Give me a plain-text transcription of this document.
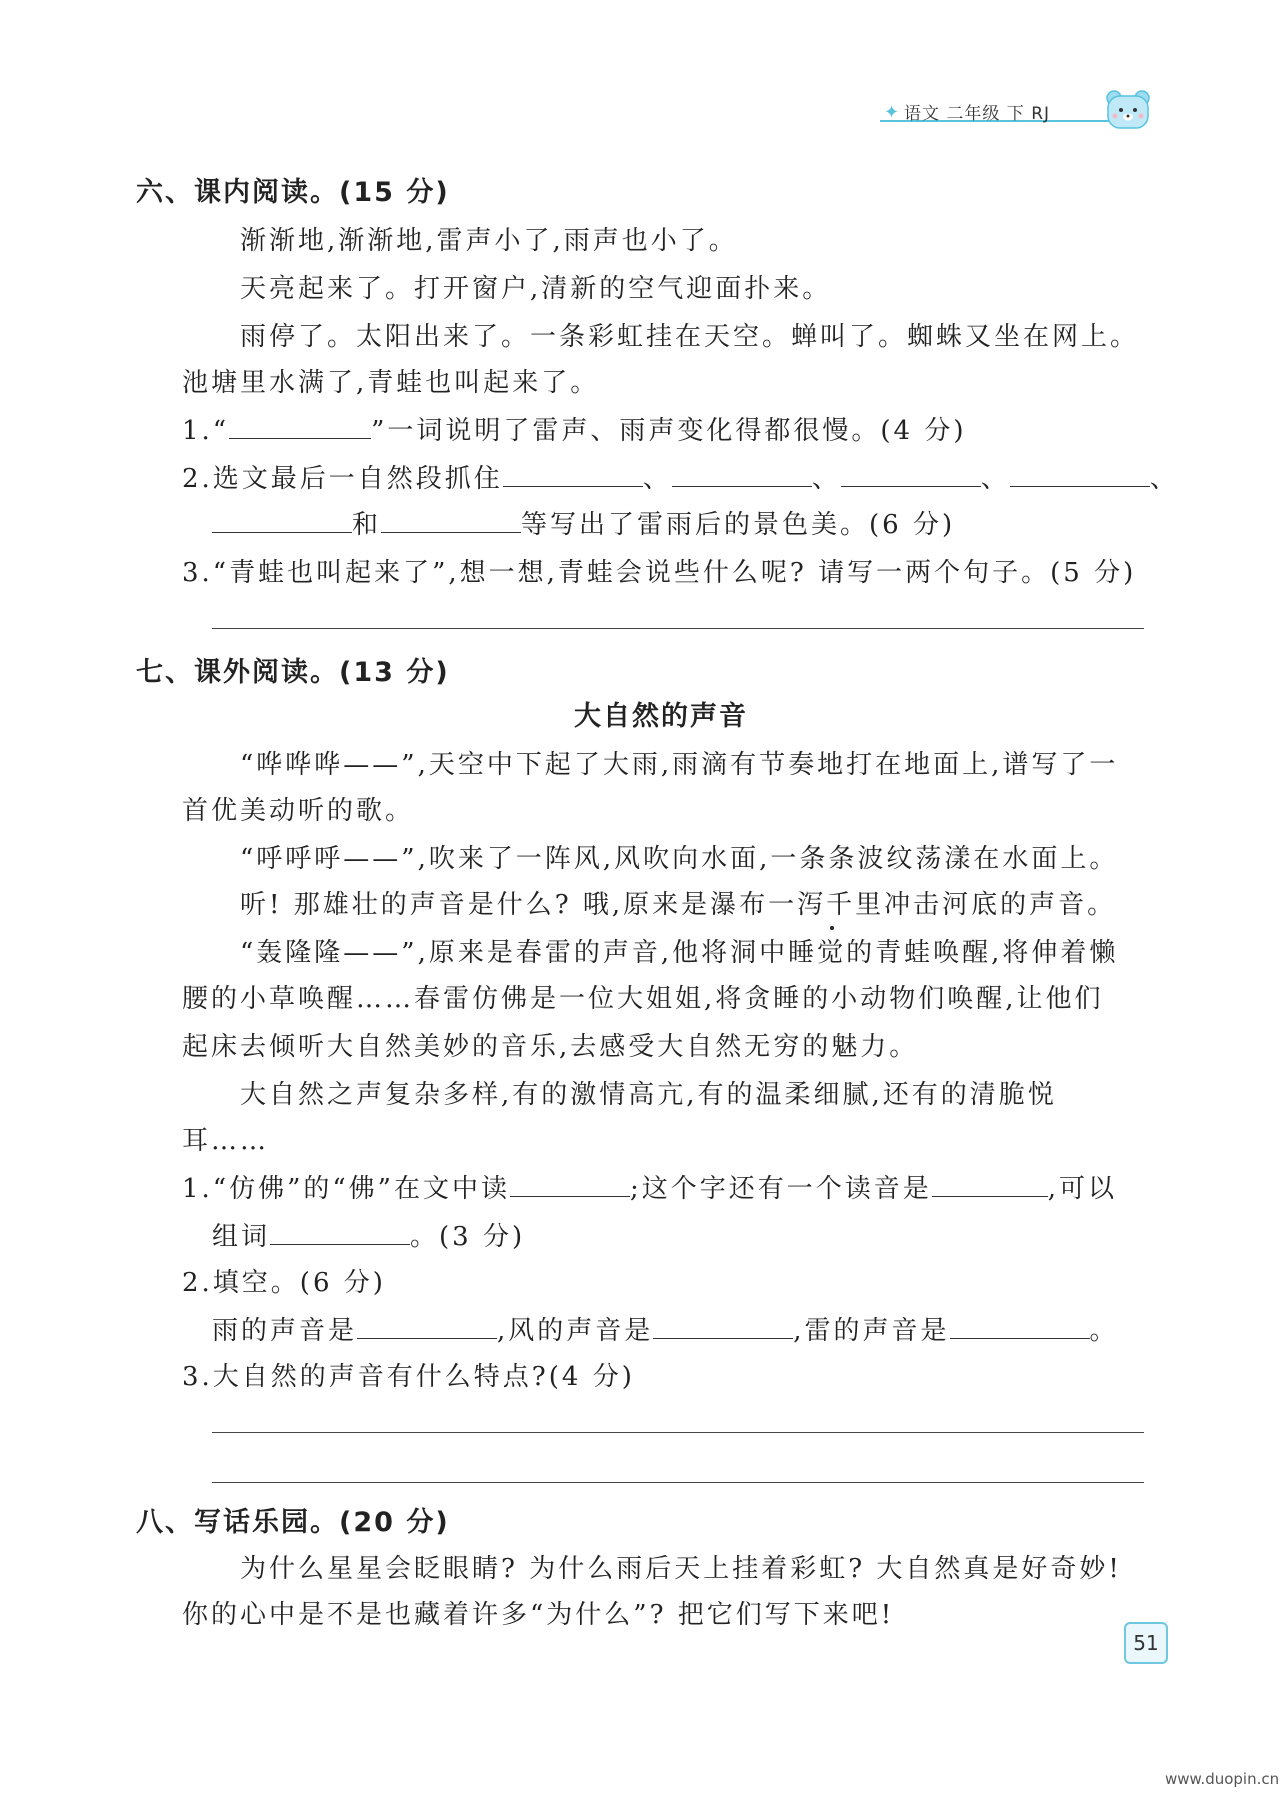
✦ 语文 二年级 下 RJ
六、课内阅读。(15 分)
渐渐地,渐渐地,雷声小了,雨声也小了。
天亮起来了。打开窗户,清新的空气迎面扑来。
雨停了。太阳出来了。一条彩虹挂在天空。蝉叫了。蜘蛛又坐在网上。
池塘里水满了,青蛙也叫起来了。
1.“	”一词说明了雷声、雨声变化得都很慢。(4 分)
2.选文最后一自然段抓住	、	、	、	、
和	等写出了雷雨后的景色美。(6 分)
3.“青蛙也叫起来了”,想一想,青蛙会说些什么呢? 请写一两个句子。(5 分)
七、课外阅读。(13 分)
大自然的声音
“哗哗哗——”,天空中下起了大雨,雨滴有节奏地打在地面上,谱写了一
首优美动听的歌。
“呼呼呼——”,吹来了一阵风,风吹向水面,一条条波纹荡漾在水面上。
听! 那雄壮的声音是什么? 哦,原来是瀑布一泻千里冲击河底的声音。
“轰隆隆——”,原来是春雷的声音,他将洞中睡觉的青蛙唤醒,将伸着懒
腰的小草唤醒……春雷仿佛是一位大姐姐,将贪睡的小动物们唤醒,让他们
起床去倾听大自然美妙的音乐,去感受大自然无穷的魅力。
大自然之声复杂多样,有的激情高亢,有的温柔细腻,还有的清脆悦
耳……
1.“仿佛”的“佛”在文中读	;这个字还有一个读音是	,可以
组词	。(3 分)
2.填空。(6 分)
雨的声音是	,风的声音是	,雷的声音是	。
3.大自然的声音有什么特点?(4 分)
八、写话乐园。(20 分)
为什么星星会眨眼睛? 为什么雨后天上挂着彩虹? 大自然真是好奇妙!
你的心中是不是也藏着许多“为什么”? 把它们写下来吧!
51
www.duopin.cn
